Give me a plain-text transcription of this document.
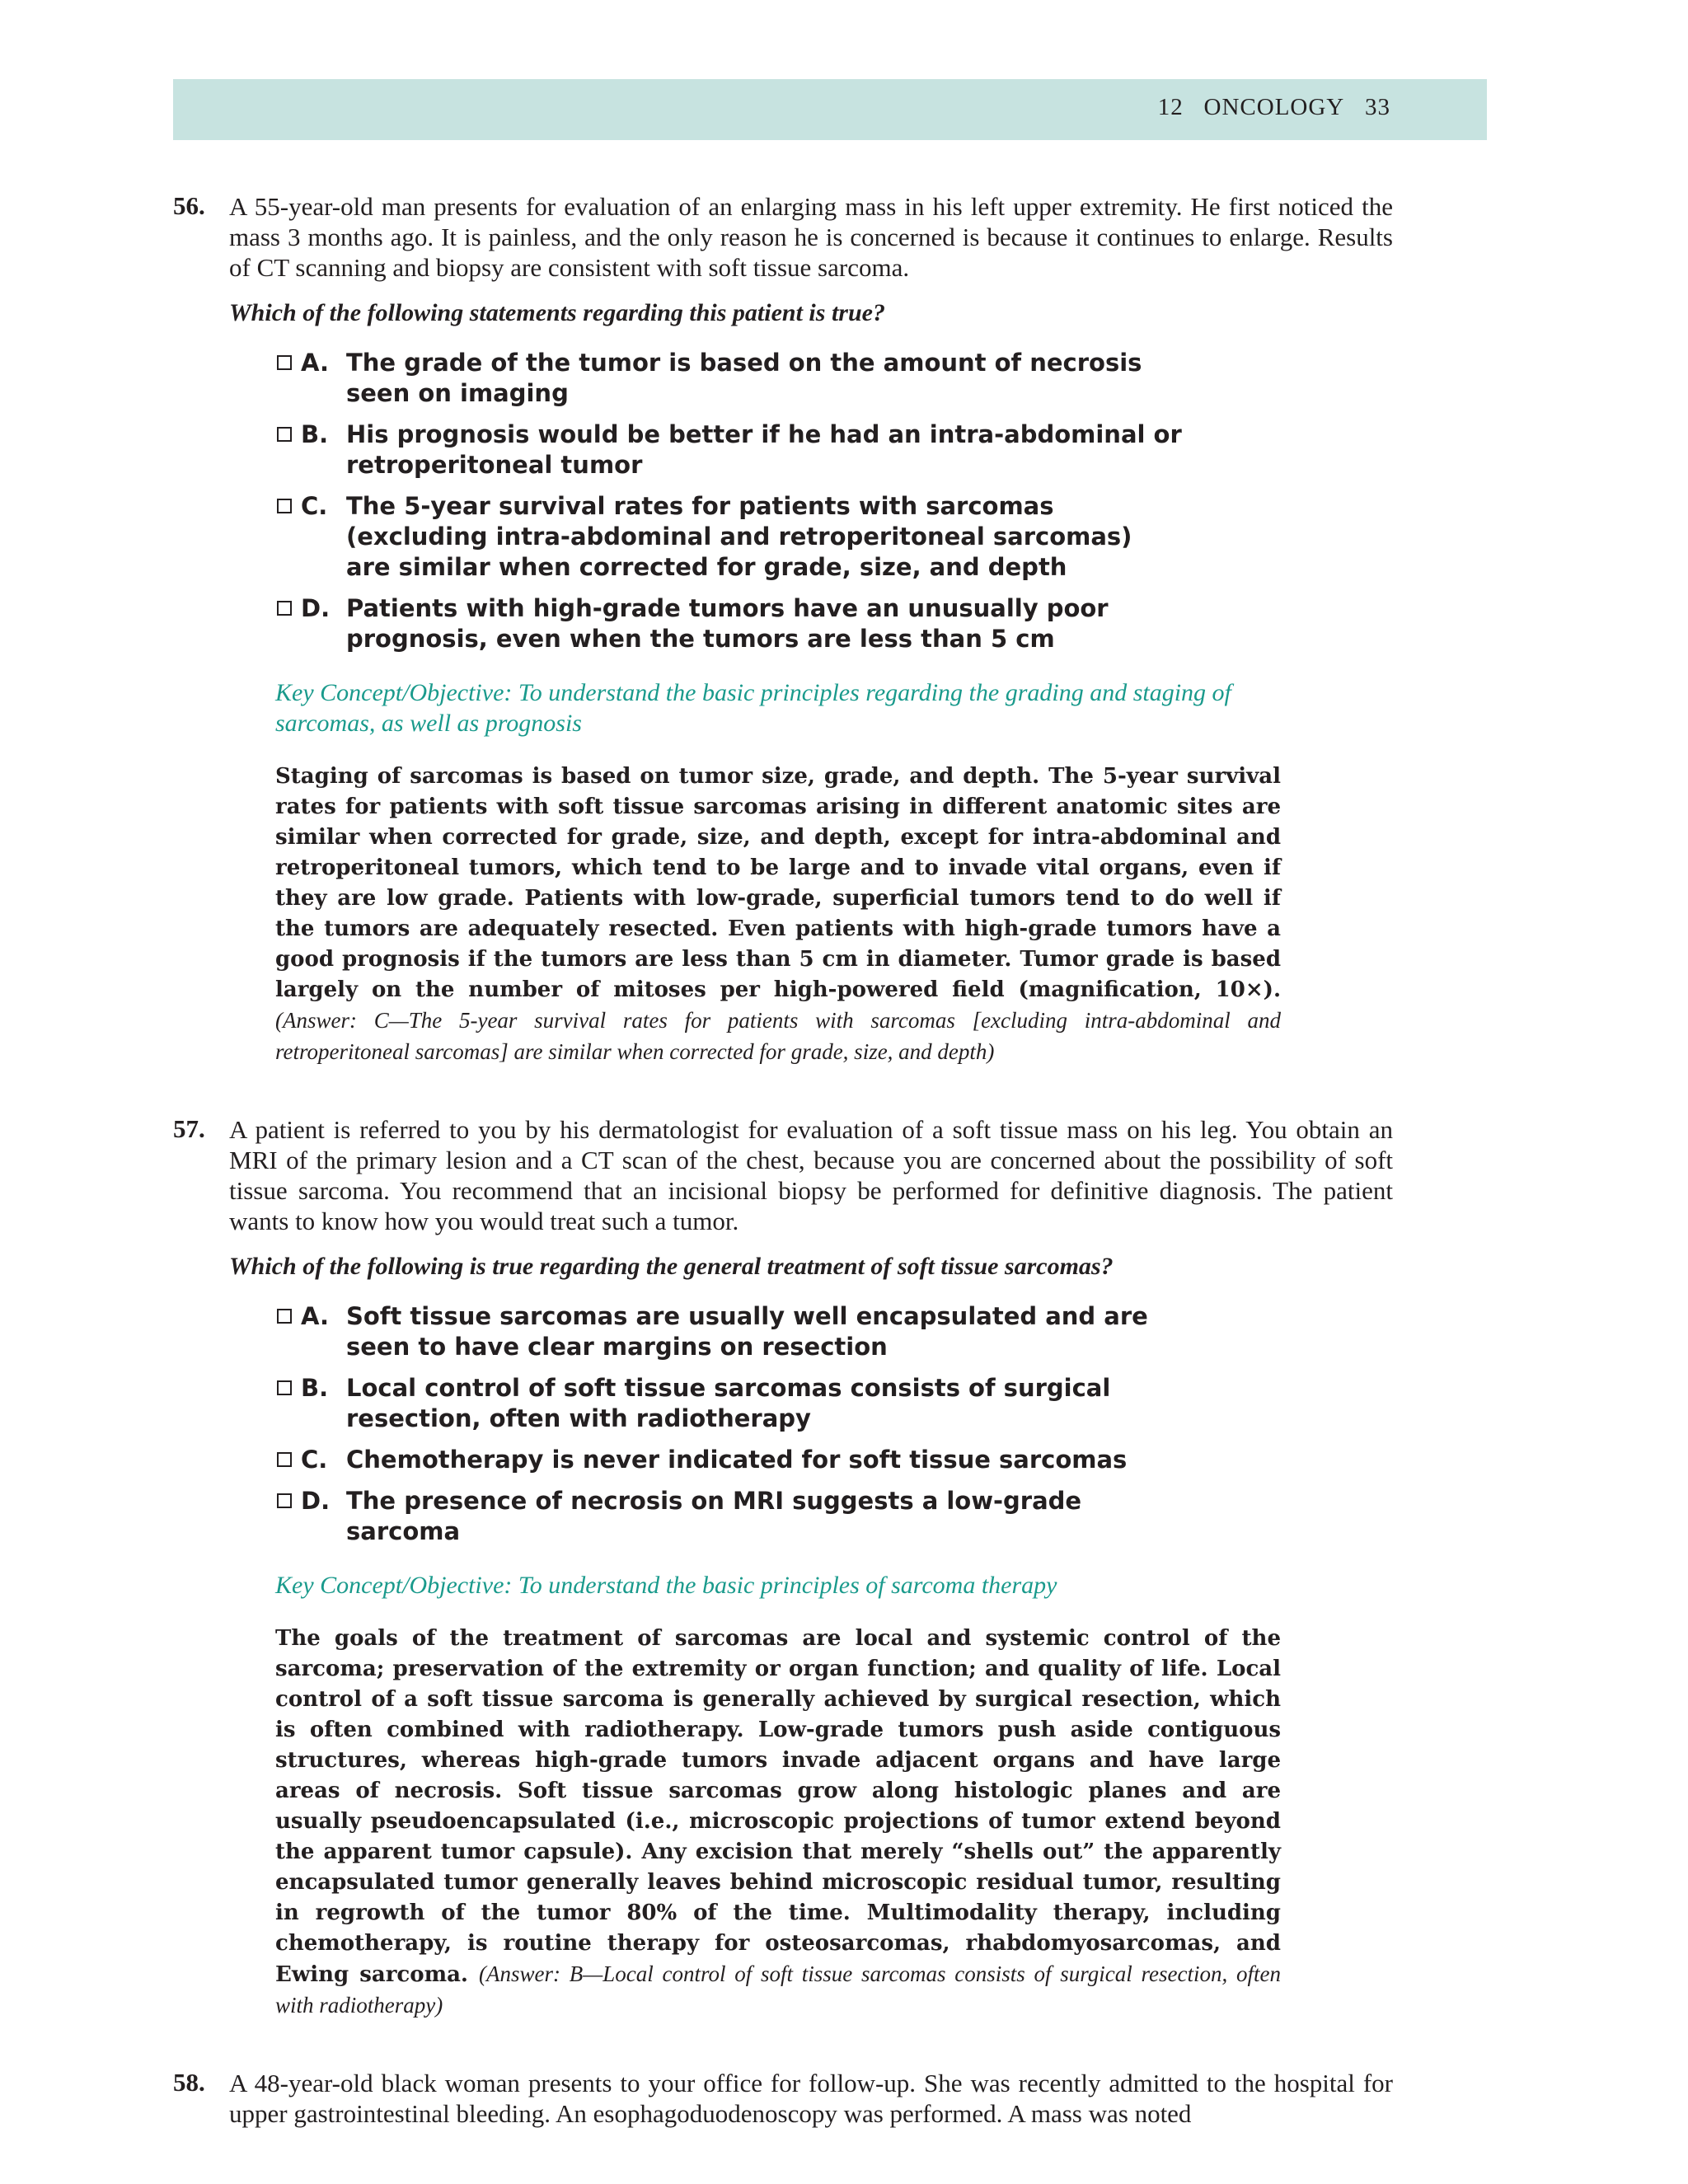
12 ONCOLOGY 33
56. A 55-year-old man presents for evaluation of an enlarging mass in his left upper extremity. He first noticed the mass 3 months ago. It is painless, and the only reason he is concerned is because it continues to enlarge. Results of CT scanning and biopsy are consistent with soft tissue sarcoma.

Which of the following statements regarding this patient is true?

A. The grade of the tumor is based on the amount of necrosis seen on imaging
B. His prognosis would be better if he had an intra-abdominal or retroperitoneal tumor
C. The 5-year survival rates for patients with sarcomas (excluding intra-abdominal and retroperitoneal sarcomas) are similar when corrected for grade, size, and depth
D. Patients with high-grade tumors have an unusually poor prognosis, even when the tumors are less than 5 cm
Key Concept/Objective: To understand the basic principles regarding the grading and staging of sarcomas, as well as prognosis
Staging of sarcomas is based on tumor size, grade, and depth. The 5-year survival rates for patients with soft tissue sarcomas arising in different anatomic sites are similar when corrected for grade, size, and depth, except for intra-abdominal and retroperitoneal tumors, which tend to be large and to invade vital organs, even if they are low grade. Patients with low-grade, superficial tumors tend to do well if the tumors are adequately resected. Even patients with high-grade tumors have a good prognosis if the tumors are less than 5 cm in diameter. Tumor grade is based largely on the number of mitoses per high-powered field (magnification, 10×). (Answer: C—The 5-year survival rates for patients with sarcomas [excluding intra-abdominal and retroperitoneal sarcomas] are similar when corrected for grade, size, and depth)
57. A patient is referred to you by his dermatologist for evaluation of a soft tissue mass on his leg. You obtain an MRI of the primary lesion and a CT scan of the chest, because you are concerned about the possibility of soft tissue sarcoma. You recommend that an incisional biopsy be performed for definitive diagnosis. The patient wants to know how you would treat such a tumor.

Which of the following is true regarding the general treatment of soft tissue sarcomas?

A. Soft tissue sarcomas are usually well encapsulated and are seen to have clear margins on resection
B. Local control of soft tissue sarcomas consists of surgical resection, often with radiotherapy
C. Chemotherapy is never indicated for soft tissue sarcomas
D. The presence of necrosis on MRI suggests a low-grade sarcoma
Key Concept/Objective: To understand the basic principles of sarcoma therapy
The goals of the treatment of sarcomas are local and systemic control of the sarcoma; preservation of the extremity or organ function; and quality of life. Local control of a soft tissue sarcoma is generally achieved by surgical resection, which is often combined with radiotherapy. Low-grade tumors push aside contiguous structures, whereas high-grade tumors invade adjacent organs and have large areas of necrosis. Soft tissue sarcomas grow along histologic planes and are usually pseudoencapsulated (i.e., microscopic projections of tumor extend beyond the apparent tumor capsule). Any excision that merely “shells out” the apparently encapsulated tumor generally leaves behind microscopic residual tumor, resulting in regrowth of the tumor 80% of the time. Multimodality therapy, including chemotherapy, is routine therapy for osteosarcomas, rhabdomyosarcomas, and Ewing sarcoma. (Answer: B—Local control of soft tissue sarcomas consists of surgical resection, often with radiotherapy)
58. A 48-year-old black woman presents to your office for follow-up. She was recently admitted to the hospital for upper gastrointestinal bleeding. An esophagoduodenoscopy was performed. A mass was noted
